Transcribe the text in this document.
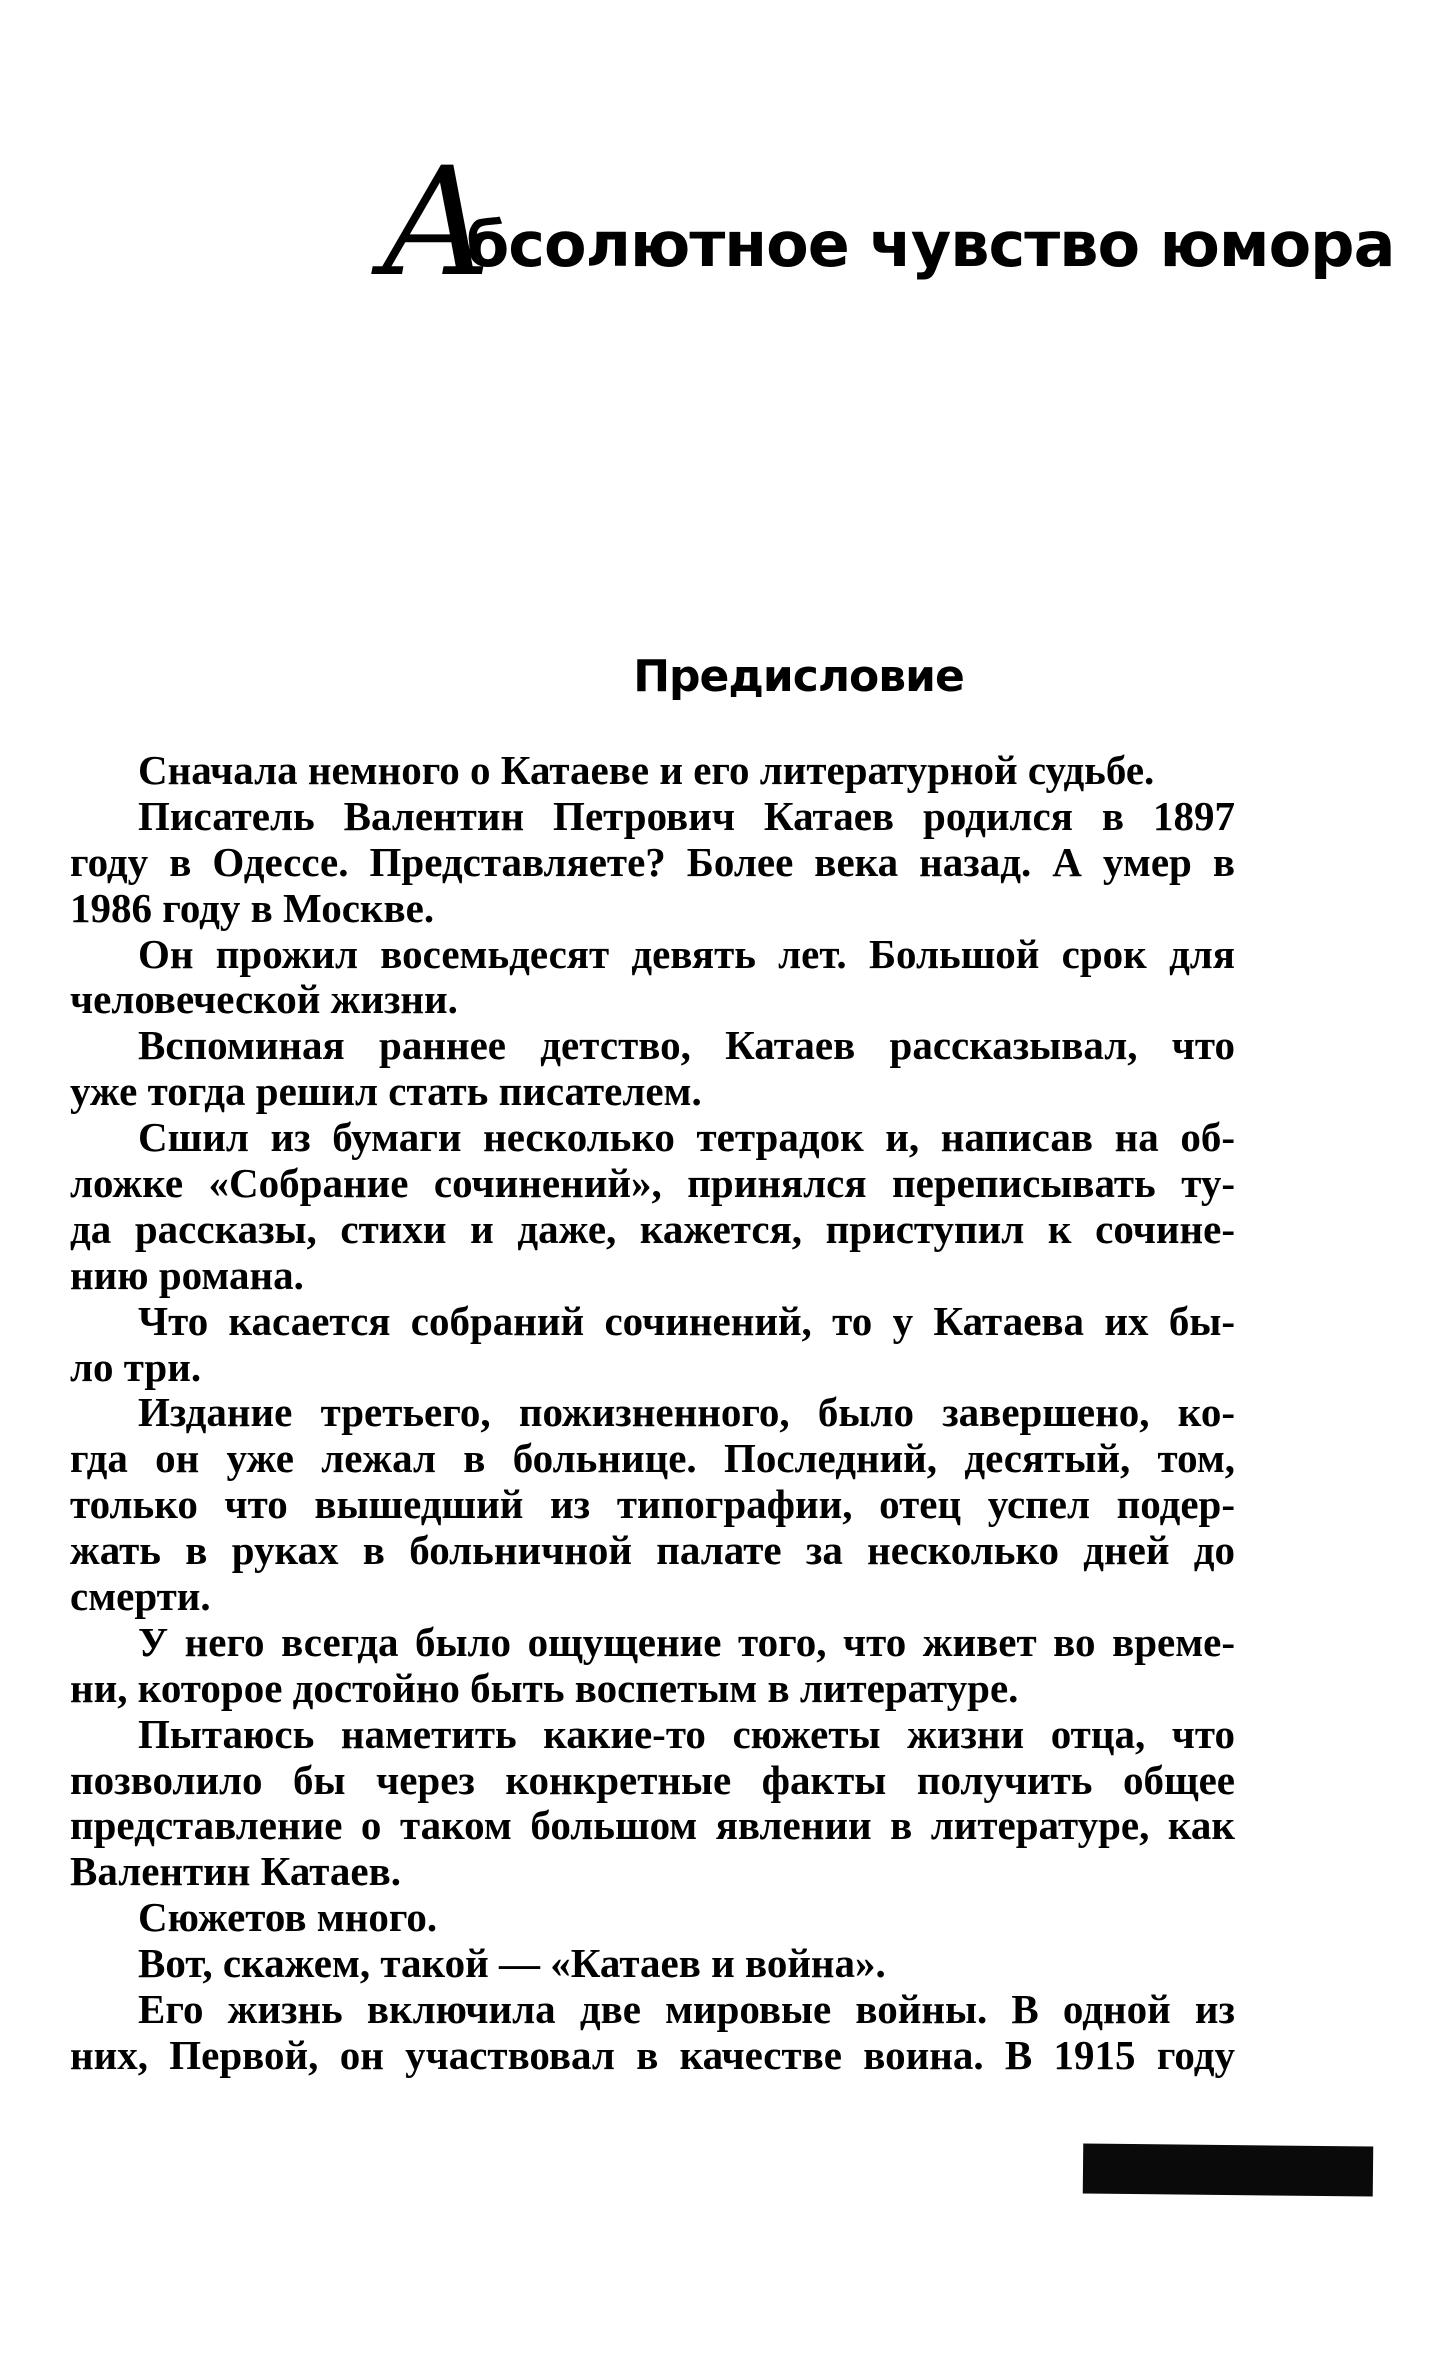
А
бсолютное чувство юмора
Предисловие
Сначала немного о Катаеве и его литературной судьбе.
Писатель Валентин Петрович Катаев родился в 1897
году в Одессе. Представляете? Более века назад. А умер в
1986 году в Москве.
Он прожил восемьдесят девять лет. Большой срок для
человеческой жизни.
Вспоминая раннее детство, Катаев рассказывал, что
уже тогда решил стать писателем.
Сшил из бумаги несколько тетрадок и, написав на об-
ложке «Собрание сочинений», принялся переписывать ту-
да рассказы, стихи и даже, кажется, приступил к сочине-
нию романа.
Что касается собраний сочинений, то у Катаева их бы-
ло три.
Издание третьего, пожизненного, было завершено, ко-
гда он уже лежал в больнице. Последний, десятый, том,
только что вышедший из типографии, отец успел подер-
жать в руках в больничной палате за несколько дней до
смерти.
У него всегда было ощущение того, что живет во време-
ни, которое достойно быть воспетым в литературе.
Пытаюсь наметить какие-то сюжеты жизни отца, что
позволило бы через конкретные факты получить общее
представление о таком большом явлении в литературе, как
Валентин Катаев.
Сюжетов много.
Вот, скажем, такой — «Катаев и война».
Его жизнь включила две мировые войны. В одной из
них, Первой, он участвовал в качестве воина. В 1915 году
